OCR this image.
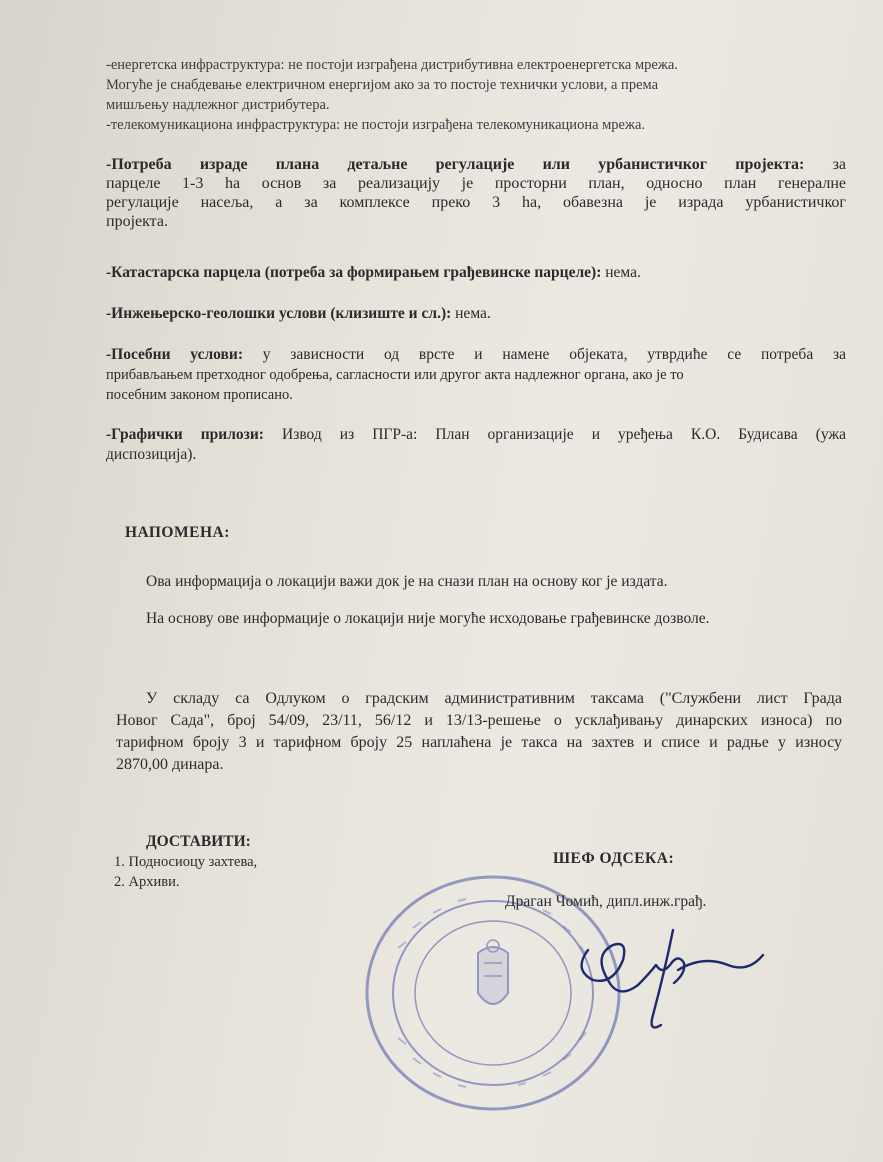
-енергетска инфраструктура: не постоји изграђена дистрибутивна електроенергетска мрежа.
Могуће је снабдевање електричном енергијом ако за то постоје технички услови, а према
мишљењу надлежног дистрибутера.
-телекомуникациона инфраструктура: не постоји изграђена телекомуникациона мрежа.
-Потреба израде плана детаљне регулације или урбанистичког пројекта: за
парцеле 1-3 ha основ за реализацију је просторни план, односно план генералне
регулације насеља, а за комплексе преко 3 ha, обавезна је израда урбанистичког
пројекта.
-Катастарска парцела (потреба за формирањем грађевинске парцеле): нема.
-Инжењерско-геолошки услови (клизиште и сл.): нема.
-Посебни услови: у зависности од врсте и намене објеката, утврдиће се потреба за
прибављањем претходног одобрења, сагласности или другог акта надлежног органа, ако је то
посебним законом прописано.
-Графички прилози: Извод из ПГР-а: План организације и уређења К.О. Будисава (ужа
диспозиција).
НАПОМЕНА:
Ова информација о локацији важи док је на снази план на основу ког је издата.
На основу ове информације о локацији није могуће исходовање грађевинске дозволе.
У складу са Одлуком о градским административним таксама ("Службени лист Града
Новог Сада", број 54/09, 23/11, 56/12 и 13/13-решење о усклађивању динарских износа) по
тарифном броју 3 и тарифном броју 25 наплаћена је такса на захтев и списе и радње у износу
2870,00 динара.
ДОСТАВИТИ:
1. Подносиоцу захтева,
2. Архиви.
ШЕФ ОДСЕКА:
Драган Чомић, дипл.инж.грађ.
